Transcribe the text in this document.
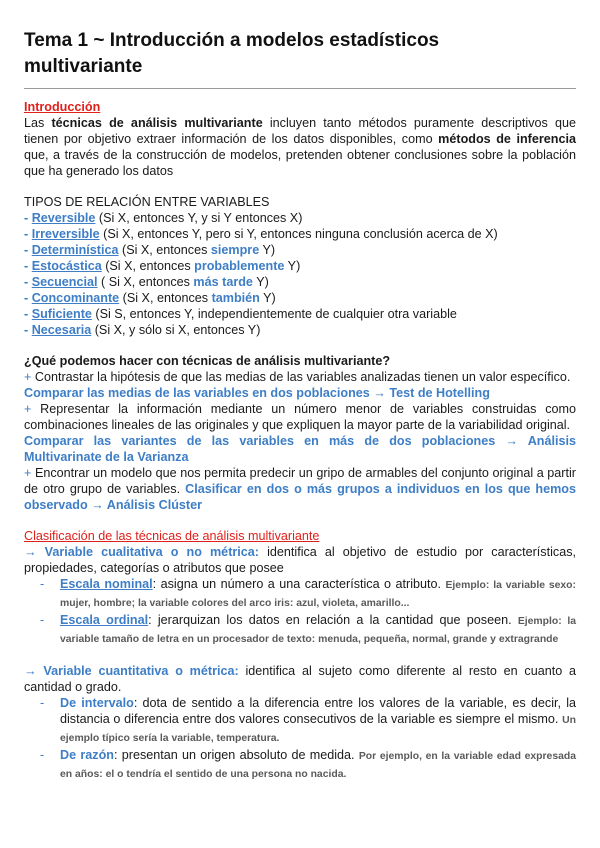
Tema 1 ~ Introducción a modelos estadísticos multivariante

Introducción

Las técnicas de análisis multivariante incluyen tanto métodos puramente descriptivos que tienen por objetivo extraer información de los datos disponibles, como métodos de inferencia que, a través de la construcción de modelos, pretenden obtener conclusiones sobre la población que ha generado los datos

TIPOS DE RELACIÓN ENTRE VARIABLES

- Reversible (Si X, entonces Y, y si Y entonces X)

- Irreversible (Si X, entonces Y, pero si Y, entonces ninguna conclusión acerca de X)

- Determinística (Si X, entonces siempre Y)

- Estocástica (Si X, entonces probablemente Y)

- Secuencial ( Si X, entonces más tarde Y)

- Concominante (Si X, entonces también Y)

- Suficiente (Si S, entonces Y, independientemente de cualquier otra variable

- Necesaria (Si X, y sólo si X, entonces Y)

¿Qué podemos hacer con técnicas de análisis multivariante?

+ Contrastar la hipótesis de que las medias de las variables analizadas tienen un valor específico.

Comparar las medias de las variables en dos poblaciones → Test de Hotelling

+ Representar la información mediante un número menor de variables construidas como combinaciones lineales de las originales y que expliquen la mayor parte de la variabilidad original.

Comparar las variantes de las variables en más de dos poblaciones → Análisis Multivarinate de la Varianza

+ Encontrar un modelo que nos permita predecir un gripo de armables del conjunto original a partir de otro grupo de variables. Clasificar en dos o más grupos a individuos en los que hemos observado → Análisis Clúster

Clasificación de las técnicas de análisis multivariante

→ Variable cualitativa o no métrica: identifica al objetivo de estudio por características, propiedades, categorías o atributos que posee

- Escala nominal: asigna un número a una característica o atributo. Ejemplo: la variable sexo: mujer, hombre; la variable colores del arco iris: azul, violeta, amarillo...

- Escala ordinal: jerarquizan los datos en relación a la cantidad que poseen. Ejemplo: la variable tamaño de letra en un procesador de texto: menuda, pequeña, normal, grande y extragrande

→ Variable cuantitativa o métrica: identifica al sujeto como diferente al resto en cuanto a cantidad o grado.

- De intervalo: dota de sentido a la diferencia entre los valores de la variable, es decir, la distancia o diferencia entre dos valores consecutivos de la variable es siempre el mismo. Un ejemplo típico sería la variable, temperatura.

- De razón: presentan un origen absoluto de medida. Por ejemplo, en la variable edad expresada en años: el o tendría el sentido de una persona no nacida.
